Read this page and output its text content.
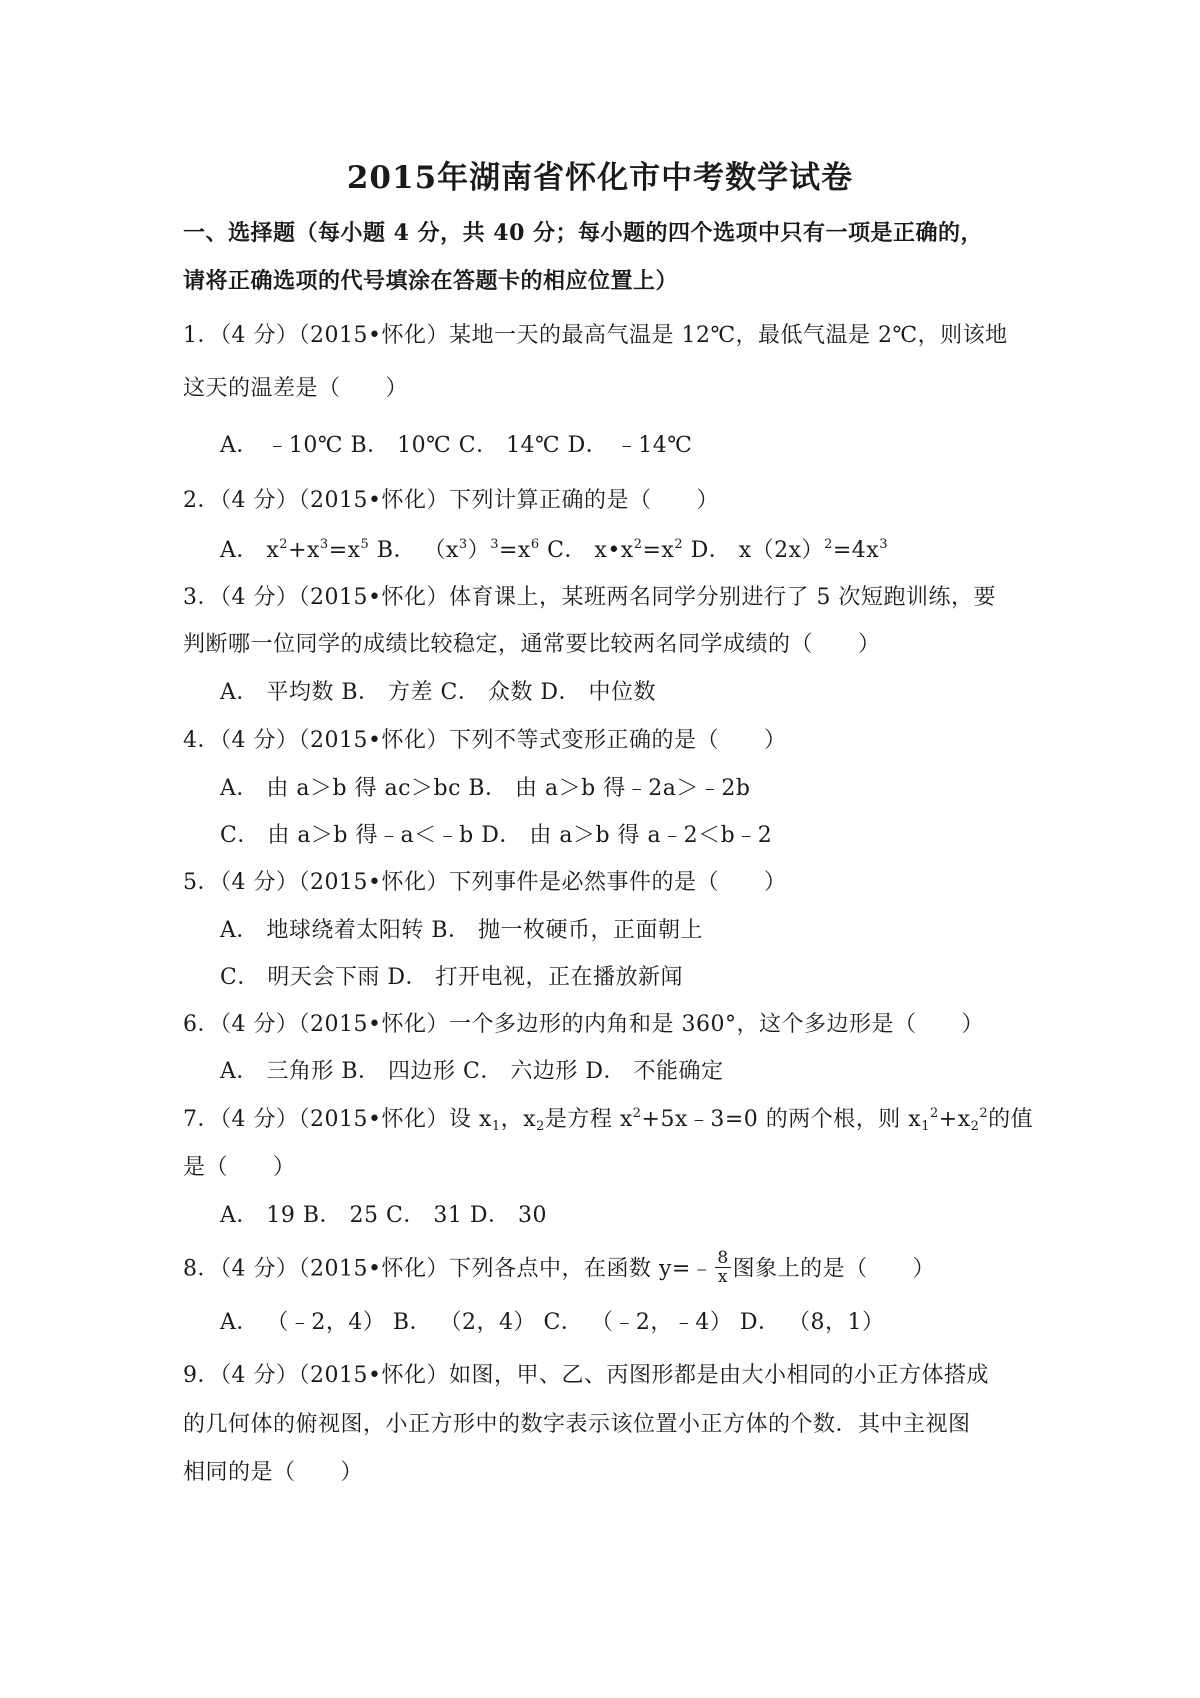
2015年湖南省怀化市中考数学试卷
一、选择题（每小题 4 分，共 40 分；每小题的四个选项中只有一项是正确的，
请将正确选项的代号填涂在答题卡的相应位置上）
1．（4 分）（2015•怀化）某地一天的最高气温是 12℃，最低气温是 2℃，则该地
这天的温差是（　　）
A． ﹣10℃ B． 10℃ C． 14℃ D． ﹣14℃
2．（4 分）（2015•怀化）下列计算正确的是（　　）
A． $x^2+x^3=x^5$ B． $(x^3)^3=x^6$ C． $x•x^2=x^2$ D． $x(2x)^2=4x^3$
3．（4 分）（2015•怀化）体育课上，某班两名同学分别进行了 5 次短跑训练，要
判断哪一位同学的成绩比较稳定，通常要比较两名同学成绩的（　　）
A． 平均数 B． 方差 C． 众数 D． 中位数
4．（4 分）（2015•怀化）下列不等式变形正确的是（　　）
A． 由 a＞b 得 ac＞bc B． 由 a＞b 得﹣2a＞﹣2b
C． 由 a＞b 得﹣a＜﹣b D． 由 a＞b 得 a﹣2＜b﹣2
5．（4 分）（2015•怀化）下列事件是必然事件的是（　　）
A． 地球绕着太阳转 B． 抛一枚硬币，正面朝上
C． 明天会下雨 D． 打开电视，正在播放新闻
6．（4 分）（2015•怀化）一个多边形的内角和是 360°，这个多边形是（　　）
A． 三角形 B． 四边形 C． 六边形 D． 不能确定
7．（4 分）（2015•怀化）设 $x_1$，$x_2$是方程 $x^2+5x﹣3=0$ 的两个根，则 $x_1^2+x_2^2$的值
是（　　）
A． 19 B． 25 C． 31 D． 30
8．（4 分）（2015•怀化）下列各点中，在函数 y=﹣ $\frac{8}{x}$ 图象上的是（　　）
A． （﹣2，4） B． （2，4） C． （﹣2，﹣4） D． （8，1）
9．（4 分）（2015•怀化）如图，甲、乙、丙图形都是由大小相同的小正方体搭成
的几何体的俯视图，小正方形中的数字表示该位置小正方体的个数．其中主视图
相同的是（　　）
